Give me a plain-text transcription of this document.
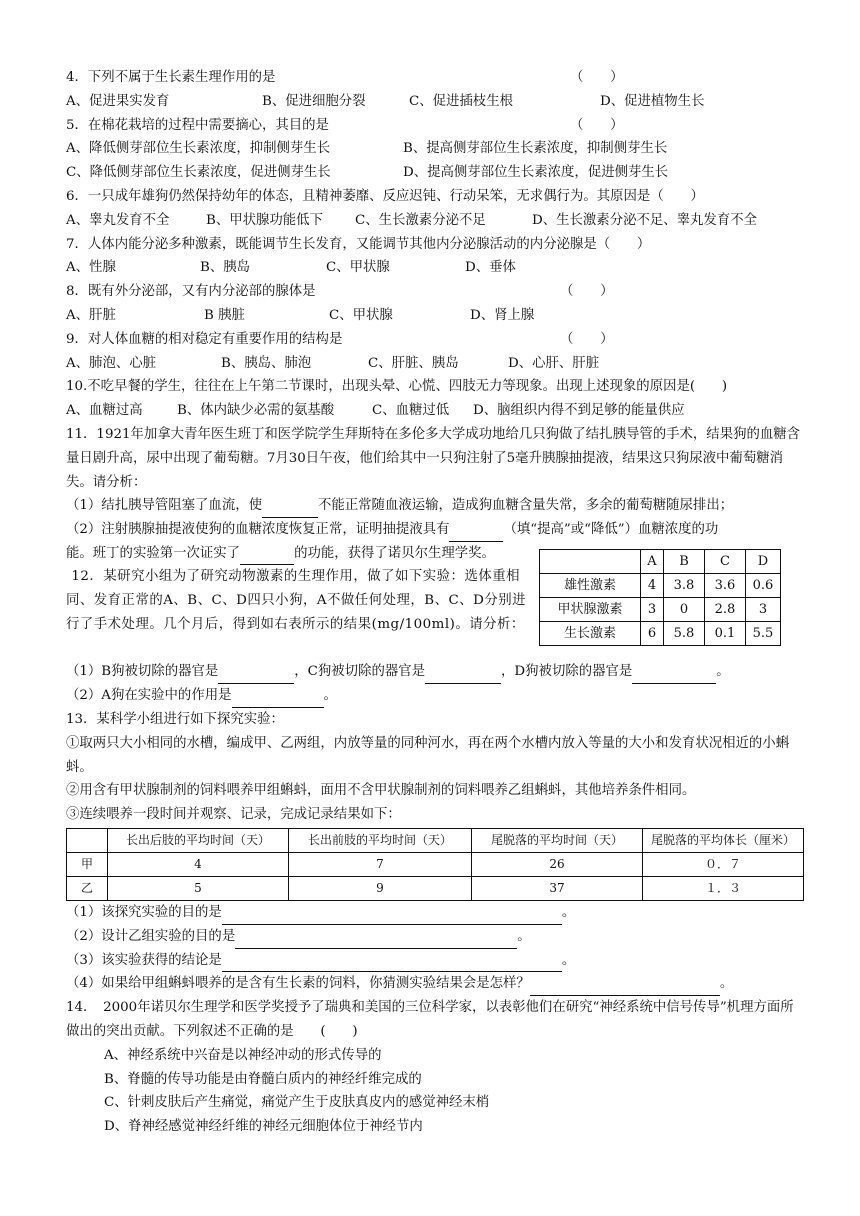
4．下列不属于生长素生理作用的是	（　　）
A、促进果实发育	B、促进细胞分裂	C、促进插枝生根	D、促进植物生长
5．在棉花栽培的过程中需要摘心，其目的是	（　　）
A、降低侧芽部位生长素浓度，抑制侧芽生长	B、提高侧芽部位生长素浓度，抑制侧芽生长
C、降低侧芽部位生长素浓度，促进侧芽生长	D、提高侧芽部位生长素浓度，促进侧芽生长
6．一只成年雄狗仍然保持幼年的体态，且精神萎靡、反应迟钝、行动呆笨，无求偶行为。其原因是（　　）
A、睾丸发育不全	B、甲状腺功能低下 C、生长激素分泌不足	D、生长激素分泌不足、睾丸发育不全
7．人体内能分泌多种激素，既能调节生长发育，又能调节其他内分泌腺活动的内分泌腺是（　　）
A、性腺	B、胰岛	C、甲状腺	D、垂体
8．既有外分泌部，又有内分泌部的腺体是	（　　）
A、肝脏	B 胰脏	C、甲状腺	D、肾上腺
9．对人体血糖的相对稳定有重要作用的结构是	（　　）
A、肺泡、心脏	B、胰岛、肺泡	C、肝脏、胰岛	D、心肝、肝脏
10.不吃早餐的学生，往往在上午第二节课时，出现头晕、心慌、四肢无力等现象。出现上述现象的原因是(　　)
A、血糖过高	B、体内缺少必需的氨基酸	C、血糖过低 D、脑组织内得不到足够的能量供应
11．1921年加拿大青年医生班丁和医学院学生拜斯特在多伦多大学成功地给几只狗做了结扎胰导管的手术，结果狗的血糖含量日剧升高，尿中出现了葡萄糖。7月30日午夜，他们给其中一只狗注射了5毫升胰腺抽提液，结果这只狗尿液中葡萄糖消失。请分析：
（1）结扎胰导管阻塞了血流，使	不能正常随血液运输，造成狗血糖含量失常，多余的葡萄糖随尿排出；
（2）注射胰腺抽提液使狗的血糖浓度恢复正常，证明抽提液具有	（填“提高”或“降低”）血糖浓度的功
能。班丁的实验第一次证实了	的功能，获得了诺贝尔生理学奖。
12．某研究小组为了研究动物激素的生理作用，做了如下实验：选体重相同、发育正常的A、B、C、D四只小狗，A不做任何处理，B、C、D分别进行了手术处理。几个月后，得到如右表所示的结果(mg/100ml)。请分析：
（1）B狗被切除的器官是	，C狗被切除的器官是	，D狗被切除的器官是	。
（2）A狗在实验中的作用是	。
13．某科学小组进行如下探究实验：
①取两只大小相同的水槽，编成甲、乙两组，内放等量的同种河水，再在两个水槽内放入等量的大小和发育状况相近的小蝌蚪。
②用含有甲状腺制剂的饲料喂养甲组蝌蚪，面用不含甲状腺制剂的饲料喂养乙组蝌蚪，其他培养条件相同。
③连续喂养一段时间并观察、记录，完成记录结果如下：
	长出后肢的平均时间（天）	长出前肢的平均时间（天）	尾脱落的平均时间（天）	尾脱落的平均体长（厘米）
甲	4	7	26	０．７
乙	5	9	37	１．３
（1）该探究实验的目的是	。
（2）设计乙组实验的目的是	。
（3）该实验获得的结论是	。
（4）如果给甲组蝌蚪喂养的是含有生长素的饲料，你猜测实验结果会是怎样？	。
14．　2000年诺贝尔生理学和医学奖授予了瑞典和美国的三位科学家，以表彰他们在研究“神经系统中信号传导”机理方面所做出的突出贡献。下列叙述不正确的是　　(　　)
A、神经系统中兴奋是以神经冲动的形式传导的
B、脊髓的传导功能是由脊髓白质内的神经纤维完成的
C、针刺皮肤后产生痛觉，痛觉产生于皮肤真皮内的感觉神经末梢
D、脊神经感觉神经纤维的神经元细胞体位于神经节内
	A	B	C	D
雄性激素	4	3.8	3.6	0.6
甲状腺激素	3	0	2.8	3
生长激素	6	5.8	0.1	5.5
